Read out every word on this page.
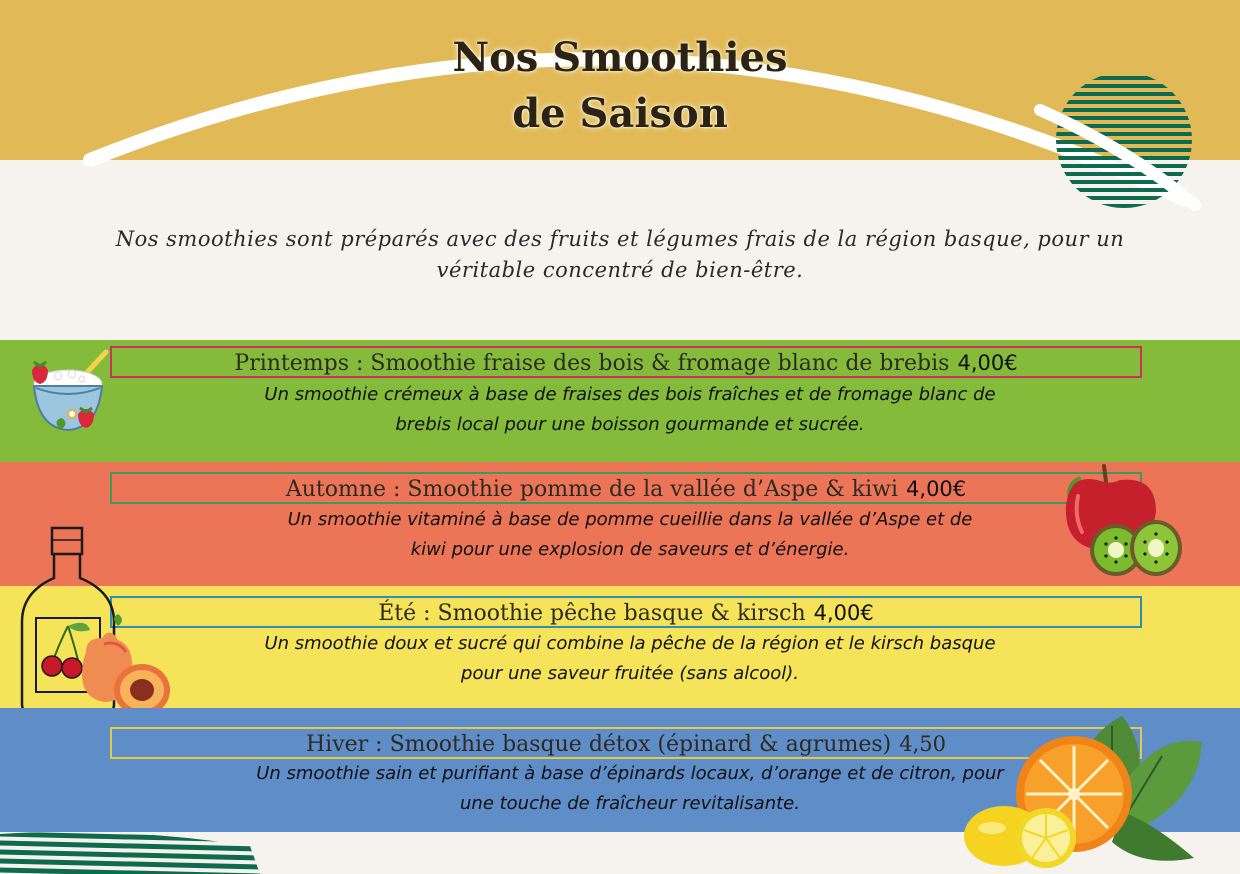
Nos Smoothies
de Saison
Nos smoothies sont préparés avec des fruits et légumes frais de la région basque, pour un véritable concentré de bien-être.
Printemps : Smoothie fraise des bois & fromage blanc de brebis 4,00€
Un smoothie crémeux à base de fraises des bois fraîches et de fromage blanc de
brebis local pour une boisson gourmande et sucrée.
Automne : Smoothie pomme de la vallée d’Aspe & kiwi 4,00€
Un smoothie vitaminé à base de pomme cueillie dans la vallée d’Aspe et de
kiwi pour une explosion de saveurs et d’énergie.
Été : Smoothie pêche basque & kirsch 4,00€
Un smoothie doux et sucré qui combine la pêche de la région et le kirsch basque
pour une saveur fruitée (sans alcool).
Hiver : Smoothie basque détox (épinard & agrumes) 4,50
Un smoothie sain et purifiant à base d’épinards locaux, d’orange et de citron, pour
une touche de fraîcheur revitalisante.
